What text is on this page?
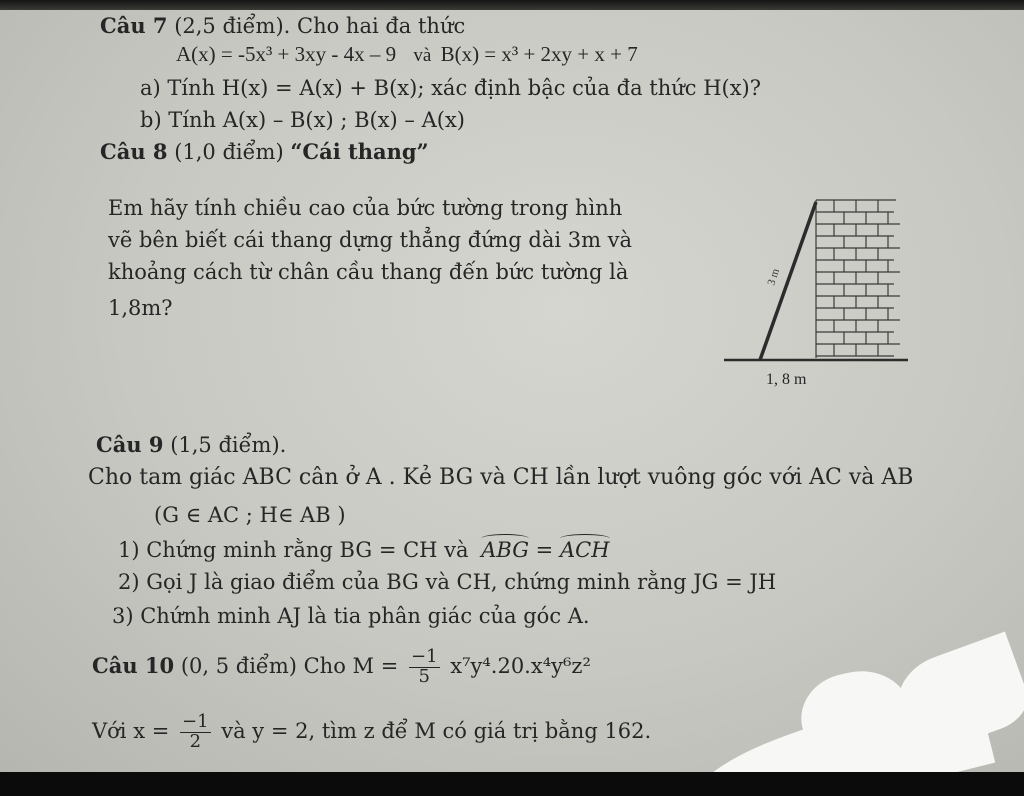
Câu 7 (2,5 điểm). Cho hai đa thức
A(x) = -5x³ + 3xy - 4x – 9 và B(x) = x³ + 2xy + x + 7
a) Tính H(x) = A(x) + B(x); xác định bậc của đa thức H(x)?
b) Tính A(x) – B(x) ; B(x) – A(x)
Câu 8 (1,0 điểm) “Cái thang”
Em hãy tính chiều cao của bức tường trong hình
vẽ bên biết cái thang dựng thẳng đứng dài 3m và
khoảng cách từ chân cầu thang đến bức tường là
1,8m?
3 m
1, 8 m
Câu 9 (1,5 điểm).
Cho tam giác ABC cân ở A . Kẻ BG và CH lần lượt vuông góc với AC và AB
(G ∈ AC ; H∈ AB )
1) Chứng minh rằng BG = CH và ABG = ACH
2) Gọi J là giao điểm của BG và CH, chứng minh rằng JG = JH
3) Chứnh minh AJ là tia phân giác của góc A.
Câu 10 (0, 5 điểm) Cho $M = \frac{-1}{5} x^7y^4.20.x^4y^6z^2$
Với $x = \frac{-1}{2}$ và y = 2, tìm z để M có giá trị bằng 162.
